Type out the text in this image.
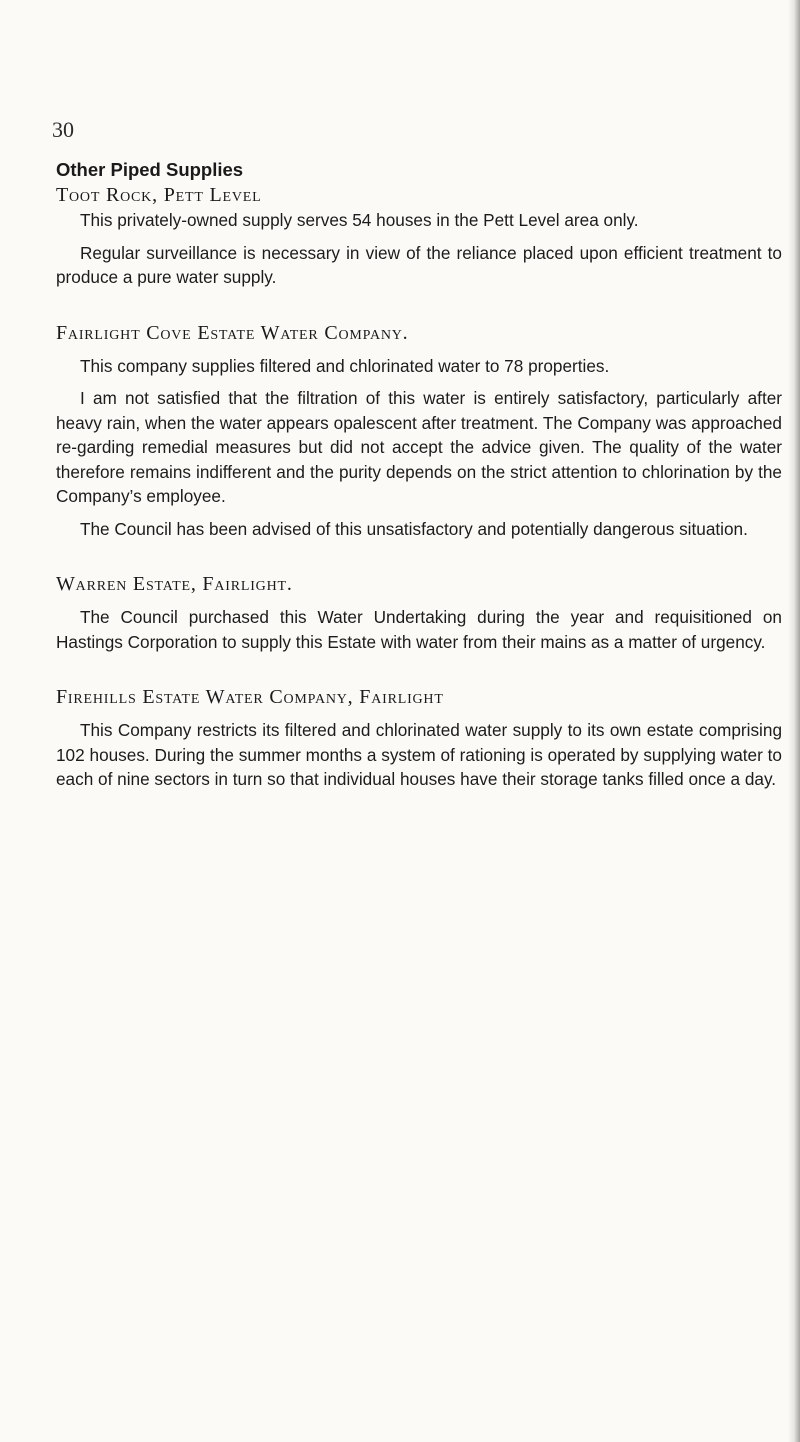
30
Other Piped Supplies
Toot Rock, Pett Level

This privately-owned supply serves 54 houses in the Pett Level area only.

Regular surveillance is necessary in view of the reliance placed upon efficient treatment to produce a pure water supply.

Fairlight Cove Estate Water Company.

This company supplies filtered and chlorinated water to 78 properties.

I am not satisfied that the filtration of this water is entirely satisfactory, particularly after heavy rain, when the water appears opalescent after treatment. The Company was approached re-garding remedial measures but did not accept the advice given. The quality of the water therefore remains indifferent and the purity depends on the strict attention to chlorination by the Company’s employee.

The Council has been advised of this unsatisfactory and potentially dangerous situation.

Warren Estate, Fairlight.

The Council purchased this Water Undertaking during the year and requisitioned on Hastings Corporation to supply this Estate with water from their mains as a matter of urgency.

Firehills Estate Water Company, Fairlight

This Company restricts its filtered and chlorinated water supply to its own estate comprising 102 houses. During the summer months a system of rationing is operated by supplying water to each of nine sectors in turn so that individual houses have their storage tanks filled once a day.
